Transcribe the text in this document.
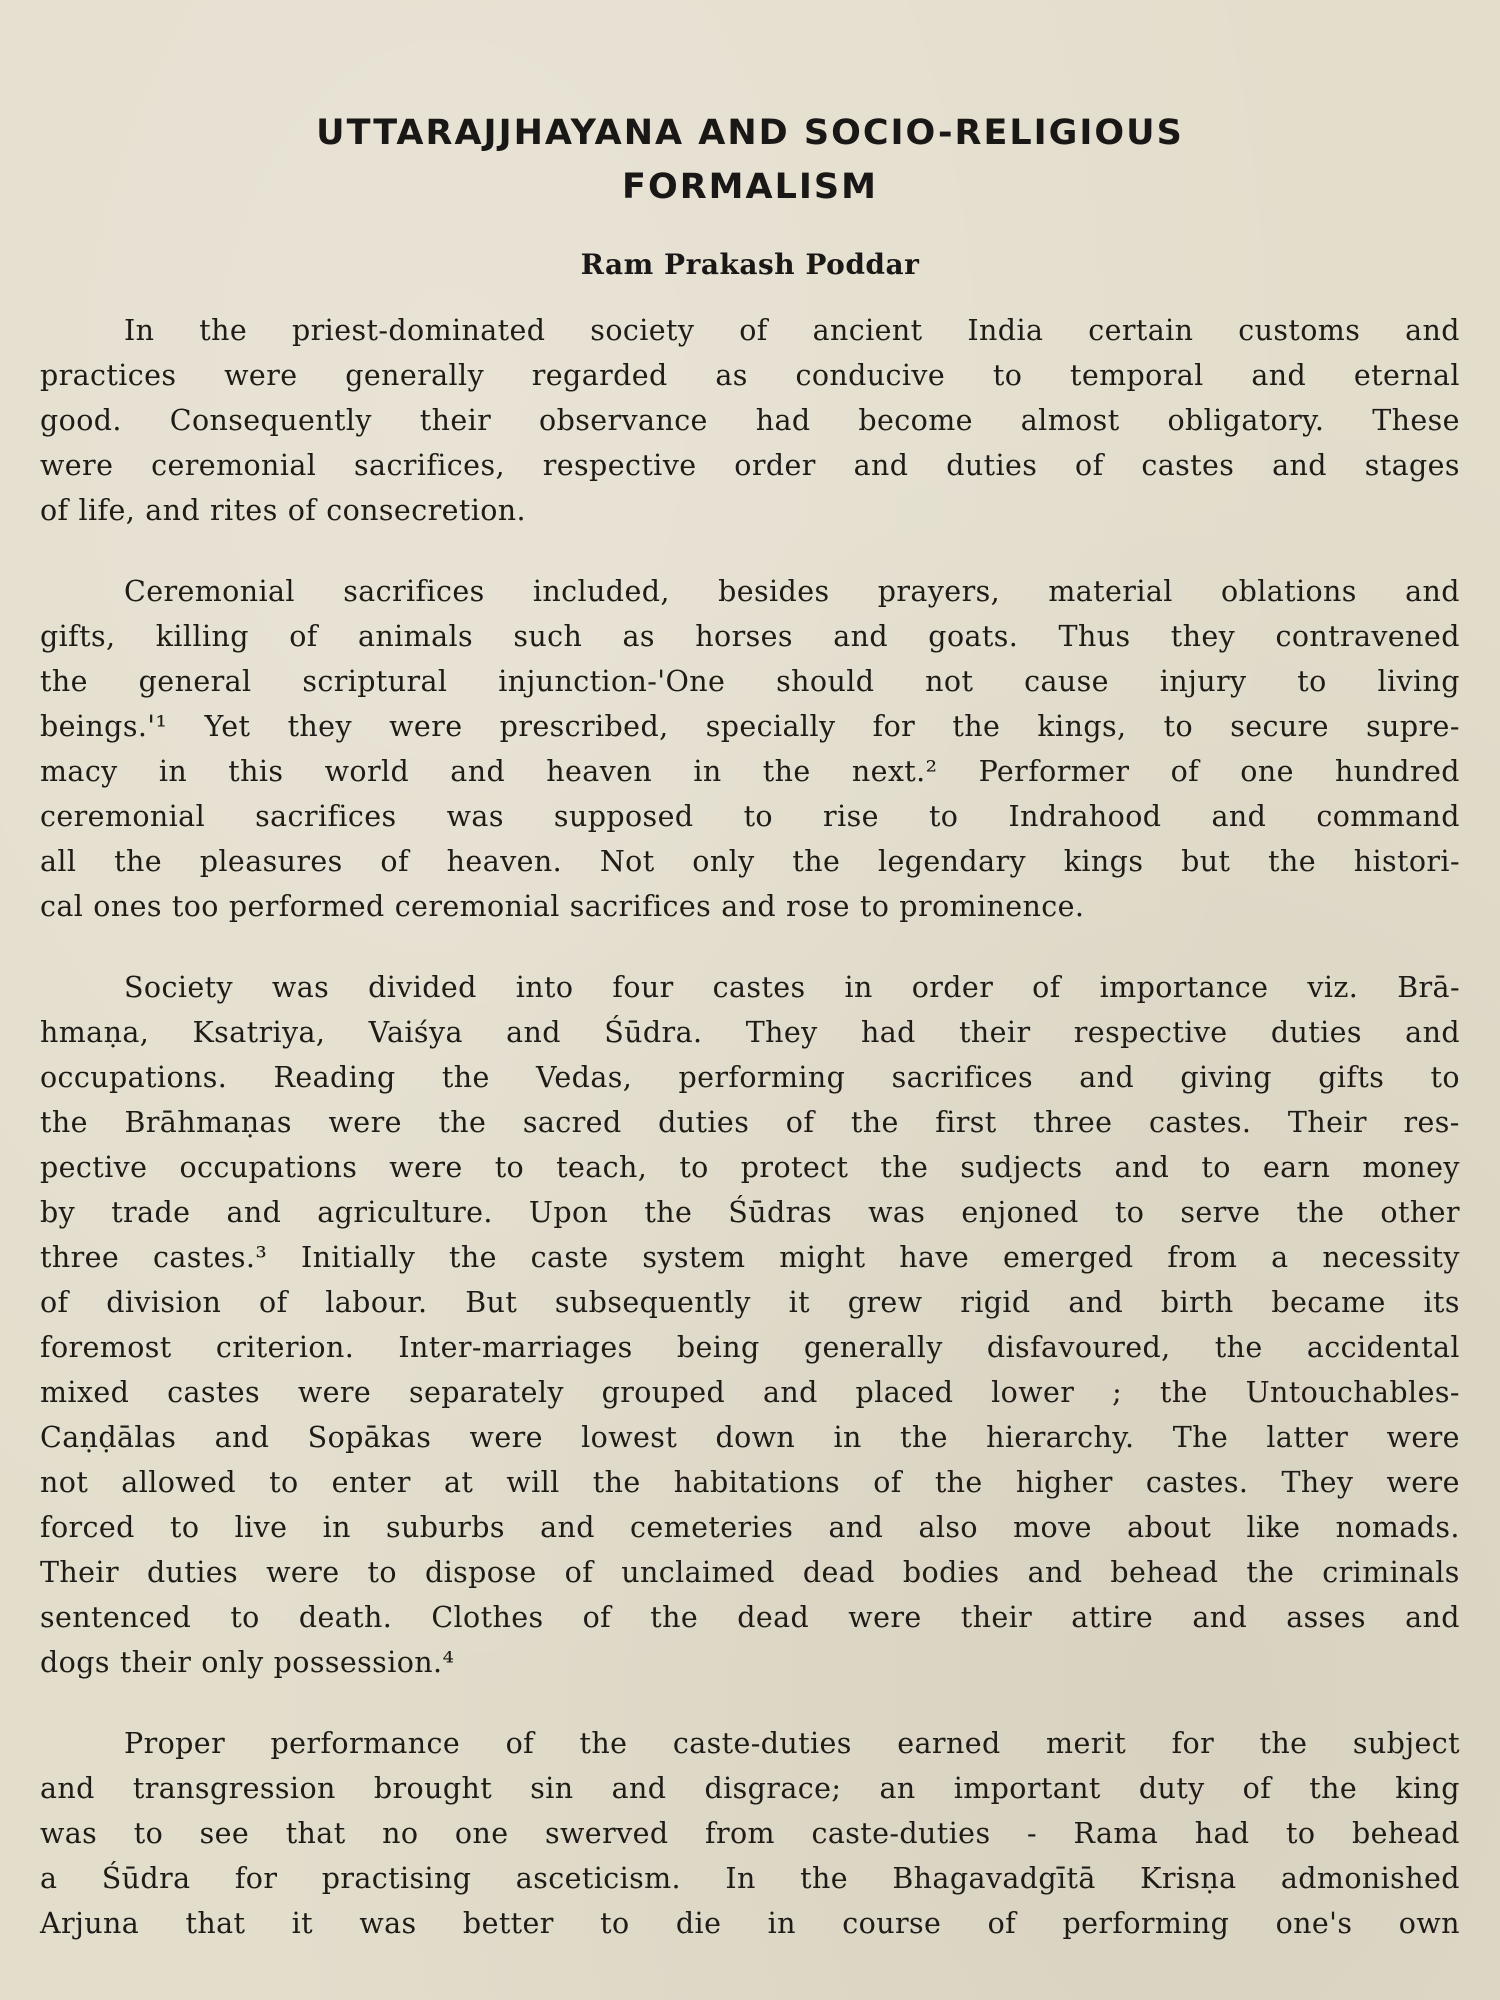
UTTARAJJHAYANA AND SOCIO-RELIGIOUS
FORMALISM
Ram Prakash Poddar
In the priest-dominated society of ancient India certain customs and
practices were generally regarded as conducive to temporal and eternal
good. Consequently their observance had become almost obligatory. These
were ceremonial sacrifices, respective order and duties of castes and stages
of life, and rites of consecretion.
Ceremonial sacrifices included, besides prayers, material oblations and
gifts, killing of animals such as horses and goats. Thus they contravened
the general scriptural injunction-'One should not cause injury to living
beings.'¹ Yet they were prescribed, specially for the kings, to secure supre-
macy in this world and heaven in the next.² Performer of one hundred
ceremonial sacrifices was supposed to rise to Indrahood and command
all the pleasures of heaven. Not only the legendary kings but the histori-
cal ones too performed ceremonial sacrifices and rose to prominence.
Society was divided into four castes in order of importance viz. Brā-
hmaṇa, Ksatriya, Vaiśya and Śūdra. They had their respective duties and
occupations. Reading the Vedas, performing sacrifices and giving gifts to
the Brāhmaṇas were the sacred duties of the first three castes. Their res-
pective occupations were to teach, to protect the sudjects and to earn money
by trade and agriculture. Upon the Śūdras was enjoned to serve the other
three castes.³ Initially the caste system might have emerged from a necessity
of division of labour. But subsequently it grew rigid and birth became its
foremost criterion. Inter-marriages being generally disfavoured, the accidental
mixed castes were separately grouped and placed lower ; the Untouchables-
Caṇḍālas and Sopākas were lowest down in the hierarchy. The latter were
not allowed to enter at will the habitations of the higher castes. They were
forced to live in suburbs and cemeteries and also move about like nomads.
Their duties were to dispose of unclaimed dead bodies and behead the criminals
sentenced to death. Clothes of the dead were their attire and asses and
dogs their only possession.⁴
Proper performance of the caste-duties earned merit for the subject
and transgression brought sin and disgrace; an important duty of the king
was to see that no one swerved from caste-duties - Rama had to behead
a Śūdra for practising asceticism. In the Bhagavadgītā Krisṇa admonished
Arjuna that it was better to die in course of performing one's own
